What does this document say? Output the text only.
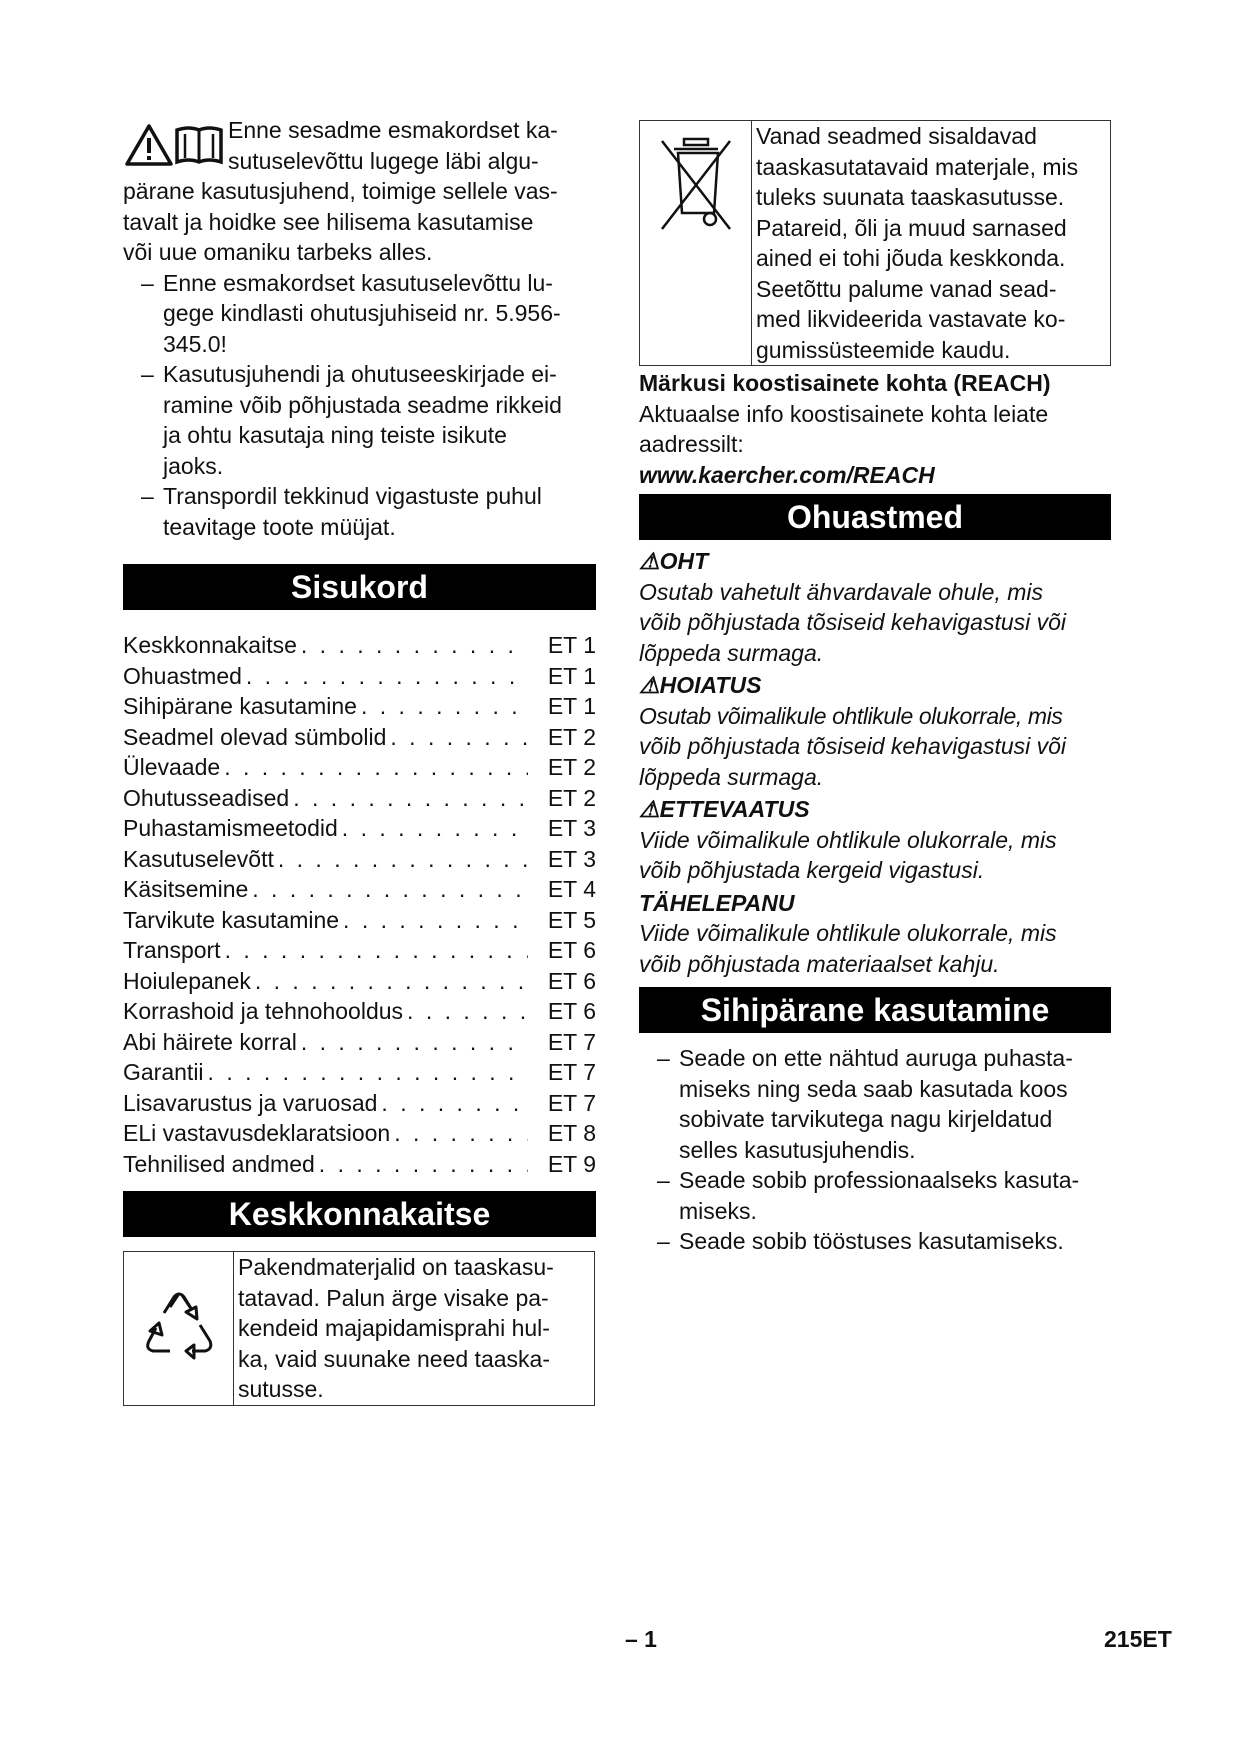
Enne sesadme esmakordset ka-
sutuselevõttu lugege läbi algu-
pärane kasutusjuhend, toimige sellele vas-
tavalt ja hoidke see hilisema kasutamise
või uue omaniku tarbeks alles.
– Enne esmakordset kasutuselevõttu lu-
gege kindlasti ohutusjuhiseid nr. 5.956-
345.0!
– Kasutusjuhendi ja ohutuseeskirjade ei-
ramine võib põhjustada seadme rikkeid
ja ohtu kasutaja ning teiste isikute
jaoks.
– Transpordil tekkinud vigastuste puhul
teavitage toote müüjat.
Sisukord
Keskkonnakaitse . . .	ET 1
Ohuastmed . . .	ET 1
Sihipärane kasutamine . . .	ET 1
Seadmel olevad sümbolid . . .	ET 2
Ülevaade . . .	ET 2
Ohutusseadised . . .	ET 2
Puhastamismeetodid . . .	ET 3
Kasutuselevõtt . . .	ET 3
Käsitsemine . . .	ET 4
Tarvikute kasutamine . . .	ET 5
Transport . . .	ET 6
Hoiulepanek . . .	ET 6
Korrashoid ja tehnohooldus . . .	ET 6
Abi häirete korral . . .	ET 7
Garantii . . .	ET 7
Lisavarustus ja varuosad . . .	ET 7
ELi vastavusdeklaratsioon . . .	ET 8
Tehnilised andmed . . .	ET 9
Keskkonnakaitse
Pakendmaterjalid on taaskasu-
tatavad. Palun ärge visake pa-
kendeid majapidamisprahi hul-
ka, vaid suunake need taaska-
sutusse.
Vanad seadmed sisaldavad
taaskasutatavaid materjale, mis
tuleks suunata taaskasutusse.
Patareid, õli ja muud sarnased
ained ei tohi jõuda keskkonda.
Seetõttu palume vanad sead-
med likvideerida vastavate ko-
gumissüsteemide kaudu.
Märkusi koostisainete kohta (REACH)
Aktuaalse info koostisainete kohta leiate
aadressilt:
www.kaercher.com/REACH
Ohuastmed
⚠OHT
Osutab vahetult ähvardavale ohule, mis
võib põhjustada tõsiseid kehavigastusi või
lõppeda surmaga.
⚠HOIATUS
Osutab võimalikule ohtlikule olukorrale, mis
võib põhjustada tõsiseid kehavigastusi või
lõppeda surmaga.
⚠ETTEVAATUS
Viide võimalikule ohtlikule olukorrale, mis
võib põhjustada kergeid vigastusi.
TÄHELEPANU
Viide võimalikule ohtlikule olukorrale, mis
võib põhjustada materiaalset kahju.
Sihipärane kasutamine
– Seade on ette nähtud auruga puhasta-
miseks ning seda saab kasutada koos
sobivate tarvikutega nagu kirjeldatud
selles kasutusjuhendis.
– Seade sobib professionaalseks kasuta-
miseks.
– Seade sobib tööstuses kasutamiseks.
– 1	215ET
